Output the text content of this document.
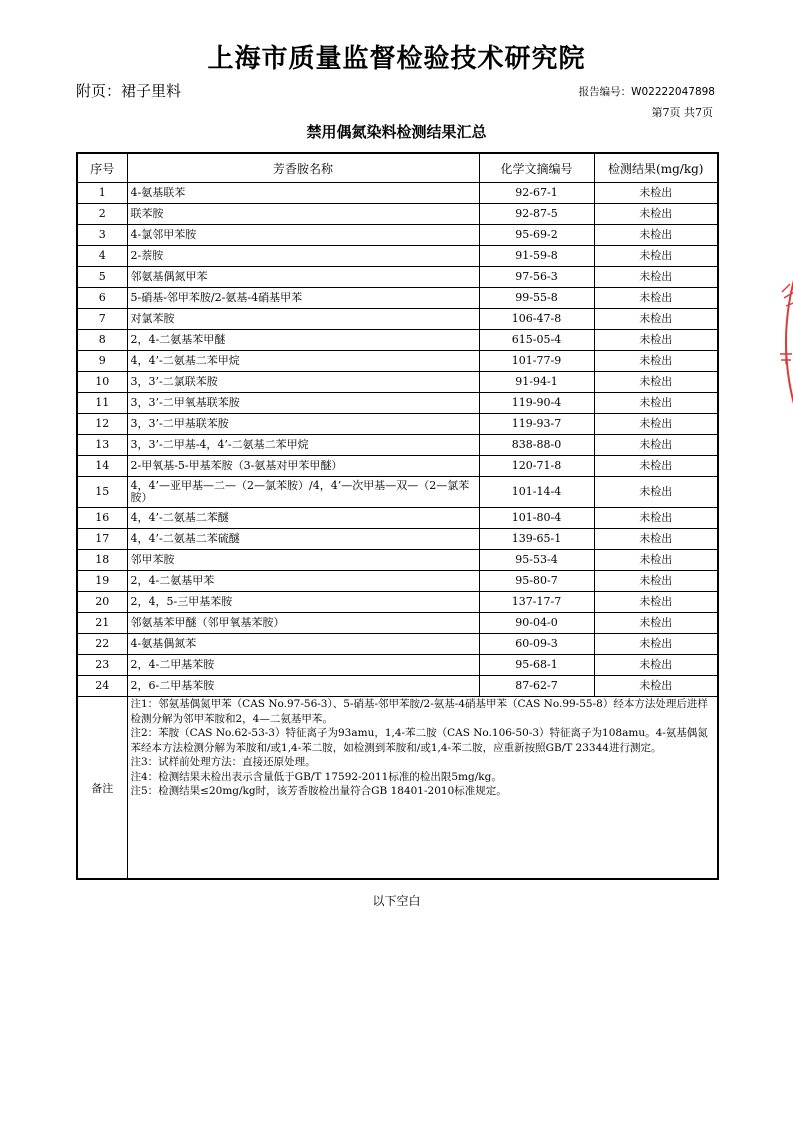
上海市质量监督检验技术研究院
附页：裙子里料	报告编号：W02222047898
第7页 共7页
禁用偶氮染料检测结果汇总
序号	芳香胺名称	化学文摘编号	检测结果(mg/kg)
1	4-氨基联苯	92-67-1	未检出
2	联苯胺	92-87-5	未检出
3	4-氯邻甲苯胺	95-69-2	未检出
4	2-萘胺	91-59-8	未检出
5	邻氨基偶氮甲苯	97-56-3	未检出
6	5-硝基-邻甲苯胺/2-氨基-4硝基甲苯	99-55-8	未检出
7	对氯苯胺	106-47-8	未检出
8	2，4-二氨基苯甲醚	615-05-4	未检出
9	4，4’-二氨基二苯甲烷	101-77-9	未检出
10	3，3’-二氯联苯胺	91-94-1	未检出
11	3，3’-二甲氧基联苯胺	119-90-4	未检出
12	3，3’-二甲基联苯胺	119-93-7	未检出
13	3，3’-二甲基-4，4’-二氨基二苯甲烷	838-88-0	未检出
14	2-甲氧基-5-甲基苯胺（3-氨基对甲苯甲醚）	120-71-8	未检出
15	4，4’—亚甲基—二—（2—氯苯胺）/4，4’—次甲基—双—（2—氯苯胺）	101-14-4	未检出
16	4，4’-二氨基二苯醚	101-80-4	未检出
17	4，4’-二氨基二苯硫醚	139-65-1	未检出
18	邻甲苯胺	95-53-4	未检出
19	2，4-二氨基甲苯	95-80-7	未检出
20	2，4，5-三甲基苯胺	137-17-7	未检出
21	邻氨基苯甲醚（邻甲氧基苯胺）	90-04-0	未检出
22	4-氨基偶氮苯	60-09-3	未检出
23	2，4-二甲基苯胺	95-68-1	未检出
24	2，6-二甲基苯胺	87-62-7	未检出
备注	注1：邻氨基偶氮甲苯（CAS No.97-56-3）、5-硝基-邻甲苯胺/2-氨基-4硝基甲苯（CAS No.99-55-8）经本方法处理后进样检测分解为邻甲苯胺和2，4—二氨基甲苯。
注2：苯胺（CAS No.62-53-3）特征离子为93amu，1,4-苯二胺（CAS No.106-50-3）特征离子为108amu。4-氨基偶氮苯经本方法检测分解为苯胺和/或1,4-苯二胺，如检测到苯胺和/或1,4-苯二胺，应重新按照GB/T 23344进行测定。
注3：试样前处理方法：直接还原处理。
注4：检测结果未检出表示含量低于GB/T 17592-2011标准的检出限5mg/kg。
注5：检测结果≤20mg/kg时，该芳香胺检出量符合GB 18401-2010标准规定。		
以下空白
